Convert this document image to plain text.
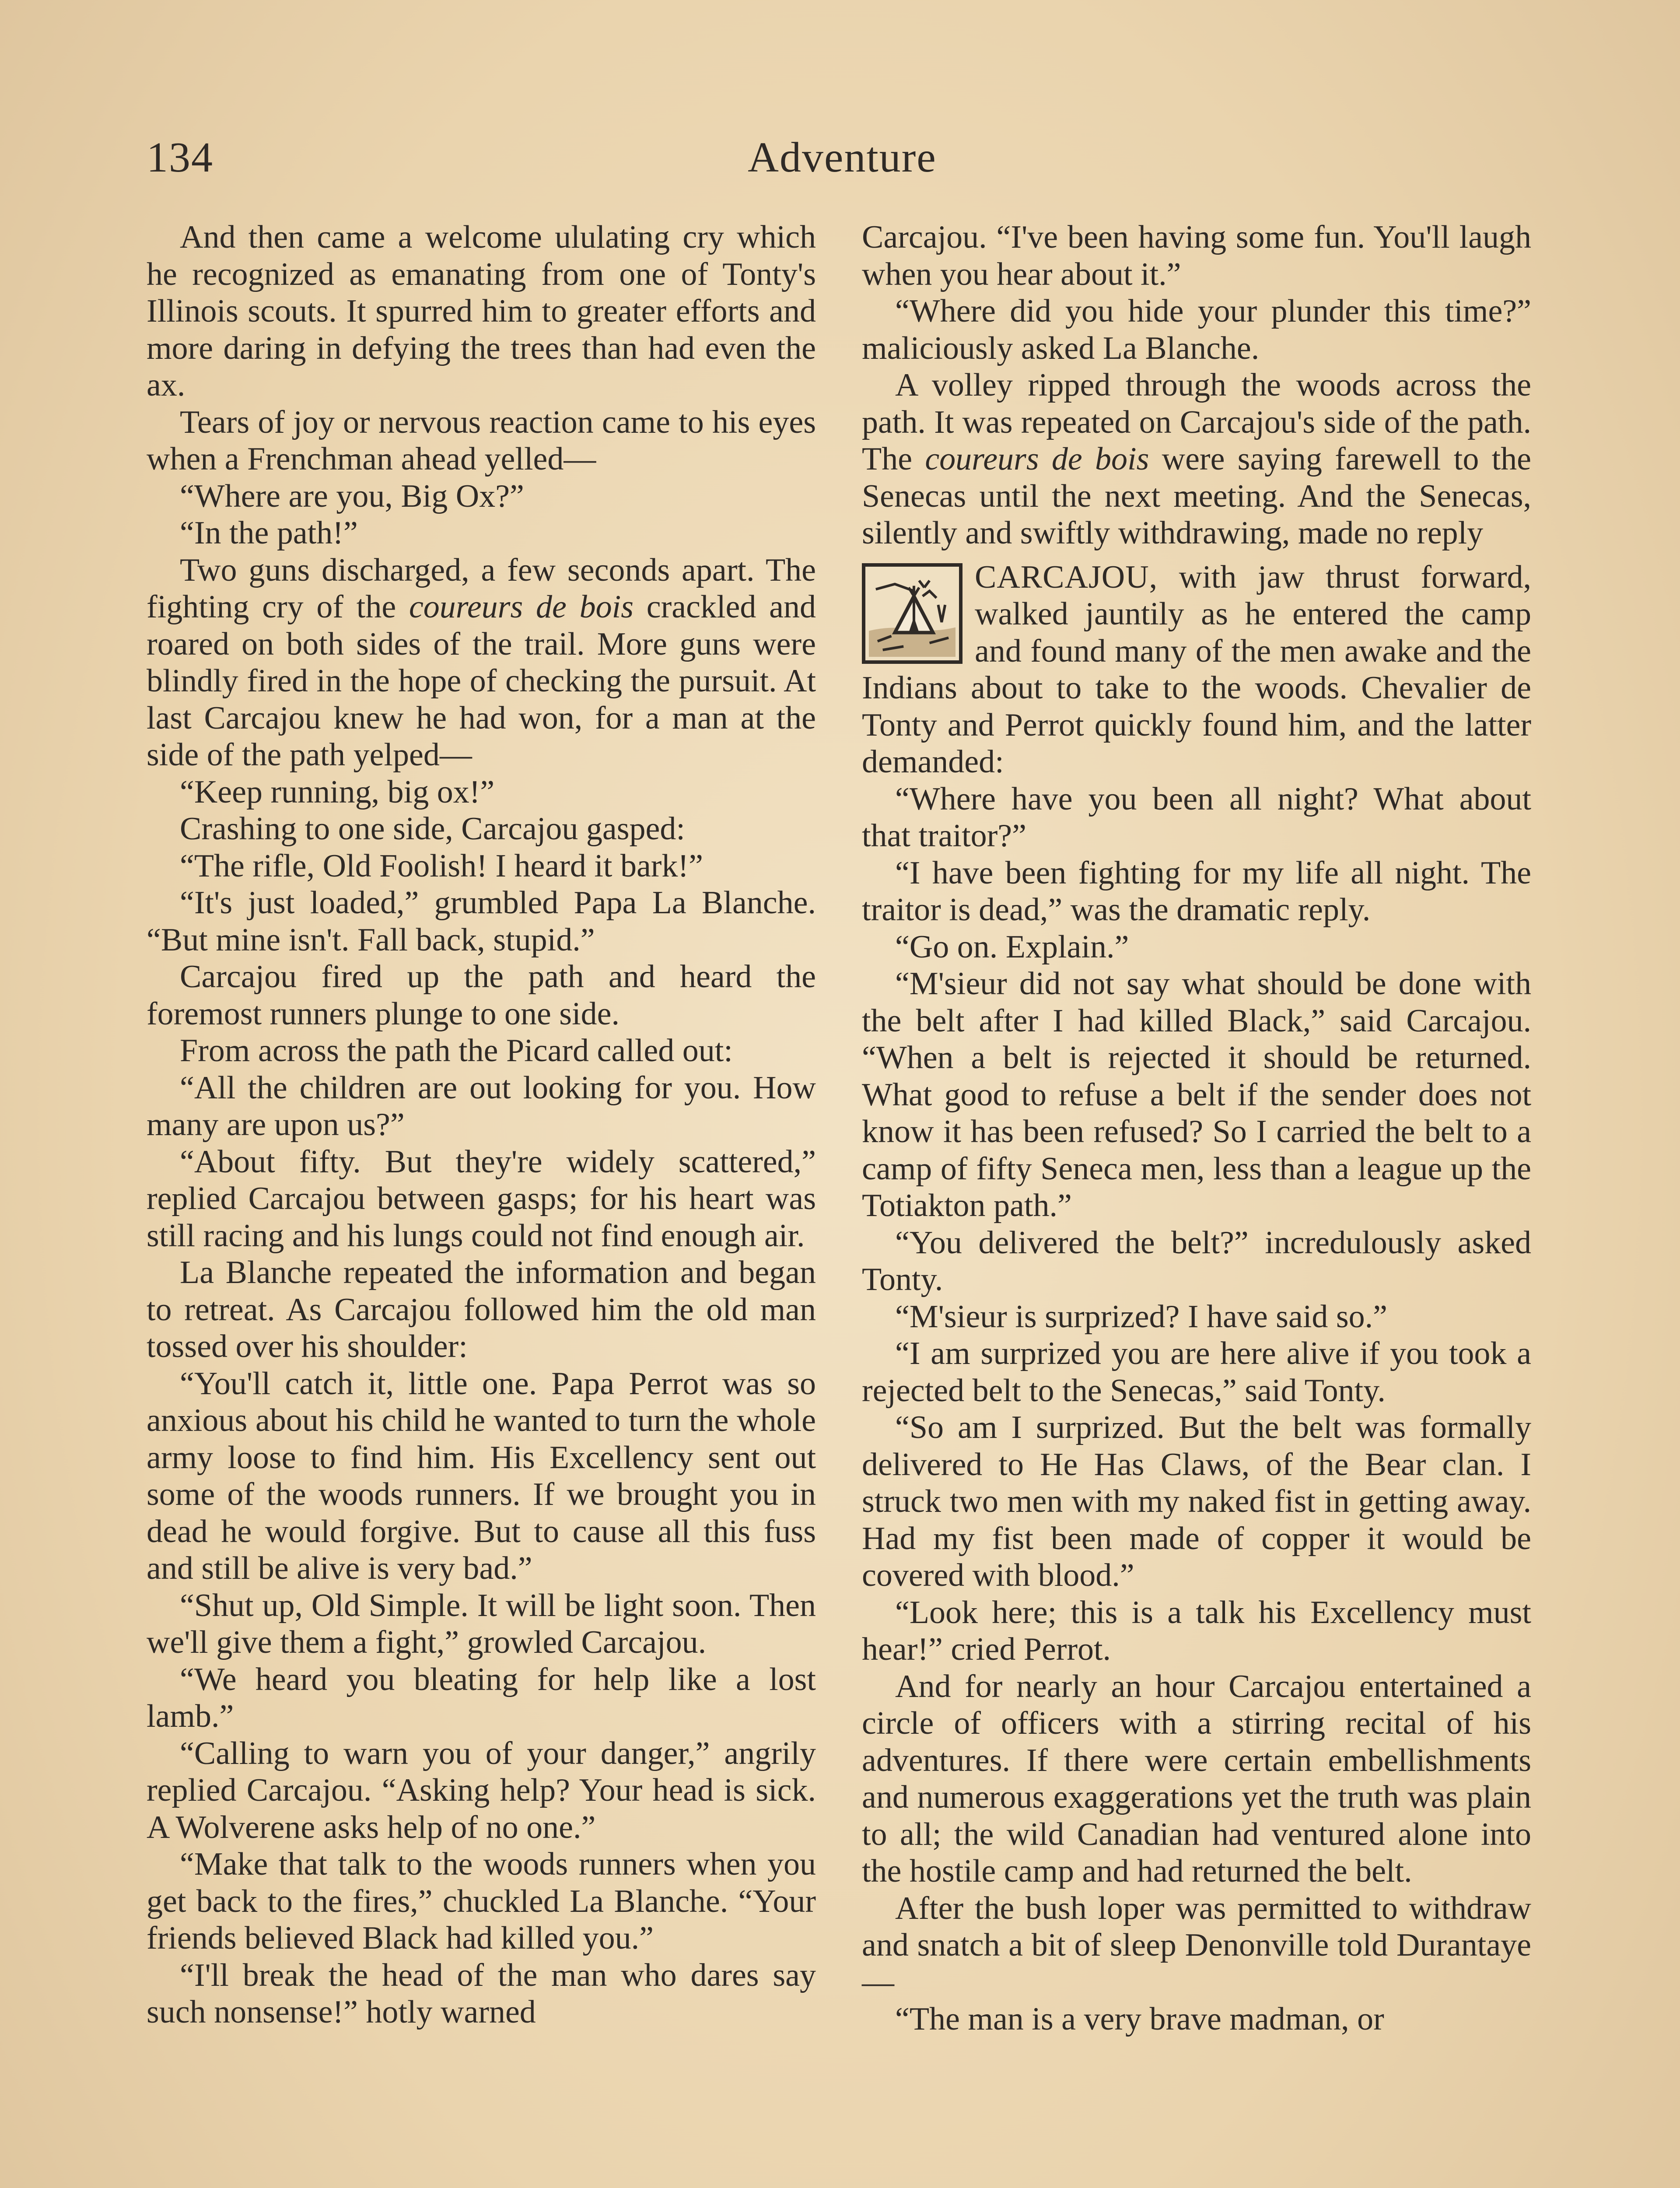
134	Adventure

And then came a welcome ululating cry which he recognized as emanating from one of Tonty's Illinois scouts. It spurred him to greater efforts and more daring in defying the trees than had even the ax.

Tears of joy or nervous reaction came to his eyes when a Frenchman ahead yelled—

“Where are you, Big Ox?”

“In the path!”

Two guns discharged, a few seconds apart. The fighting cry of the coureurs de bois crackled and roared on both sides of the trail. More guns were blindly fired in the hope of checking the pursuit. At last Carcajou knew he had won, for a man at the side of the path yelped—

“Keep running, big ox!”

Crashing to one side, Carcajou gasped:

“The rifle, Old Foolish! I heard it bark!”

“It's just loaded,” grumbled Papa La Blanche. “But mine isn't. Fall back, stupid.”

Carcajou fired up the path and heard the foremost runners plunge to one side.

From across the path the Picard called out:

“All the children are out looking for you. How many are upon us?”

“About fifty. But they're widely scattered,” replied Carcajou between gasps; for his heart was still racing and his lungs could not find enough air.

La Blanche repeated the information and began to retreat. As Carcajou followed him the old man tossed over his shoulder:

“You'll catch it, little one. Papa Perrot was so anxious about his child he wanted to turn the whole army loose to find him. His Excellency sent out some of the woods runners. If we brought you in dead he would forgive. But to cause all this fuss and still be alive is very bad.”

“Shut up, Old Simple. It will be light soon. Then we'll give them a fight,” growled Carcajou.

“We heard you bleating for help like a lost lamb.”

“Calling to warn you of your danger,” angrily replied Carcajou. “Asking help? Your head is sick. A Wolverene asks help of no one.”

“Make that talk to the woods runners when you get back to the fires,” chuckled La Blanche. “Your friends believed Black had killed you.”

“I'll break the head of the man who dares say such nonsense!” hotly warned

Carcajou. “I've been having some fun. You'll laugh when you hear about it.”

“Where did you hide your plunder this time?” maliciously asked La Blanche.

A volley ripped through the woods across the path. It was repeated on Carcajou's side of the path. The coureurs de bois were saying farewell to the Senecas until the next meeting. And the Senecas, silently and swiftly withdrawing, made no reply

CARCAJOU, with jaw thrust forward, walked jauntily as he entered the camp and found many of the men awake and the Indians about to take to the woods. Chevalier de Tonty and Perrot quickly found him, and the latter demanded:

“Where have you been all night? What about that traitor?”

“I have been fighting for my life all night. The traitor is dead,” was the dramatic reply.

“Go on. Explain.”

“M'sieur did not say what should be done with the belt after I had killed Black,” said Carcajou. “When a belt is rejected it should be returned. What good to refuse a belt if the sender does not know it has been refused? So I carried the belt to a camp of fifty Seneca men, less than a league up the Totiakton path.”

“You delivered the belt?” incredulously asked Tonty.

“M'sieur is surprized? I have said so.”

“I am surprized you are here alive if you took a rejected belt to the Senecas,” said Tonty.

“So am I surprized. But the belt was formally delivered to He Has Claws, of the Bear clan. I struck two men with my naked fist in getting away. Had my fist been made of copper it would be covered with blood.”

“Look here; this is a talk his Excellency must hear!” cried Perrot.

And for nearly an hour Carcajou entertained a circle of officers with a stirring recital of his adventures. If there were certain embellishments and numerous exaggerations yet the truth was plain to all; the wild Canadian had ventured alone into the hostile camp and had returned the belt.

After the bush loper was permitted to withdraw and snatch a bit of sleep Denonville told Durantaye—

“The man is a very brave madman, or
